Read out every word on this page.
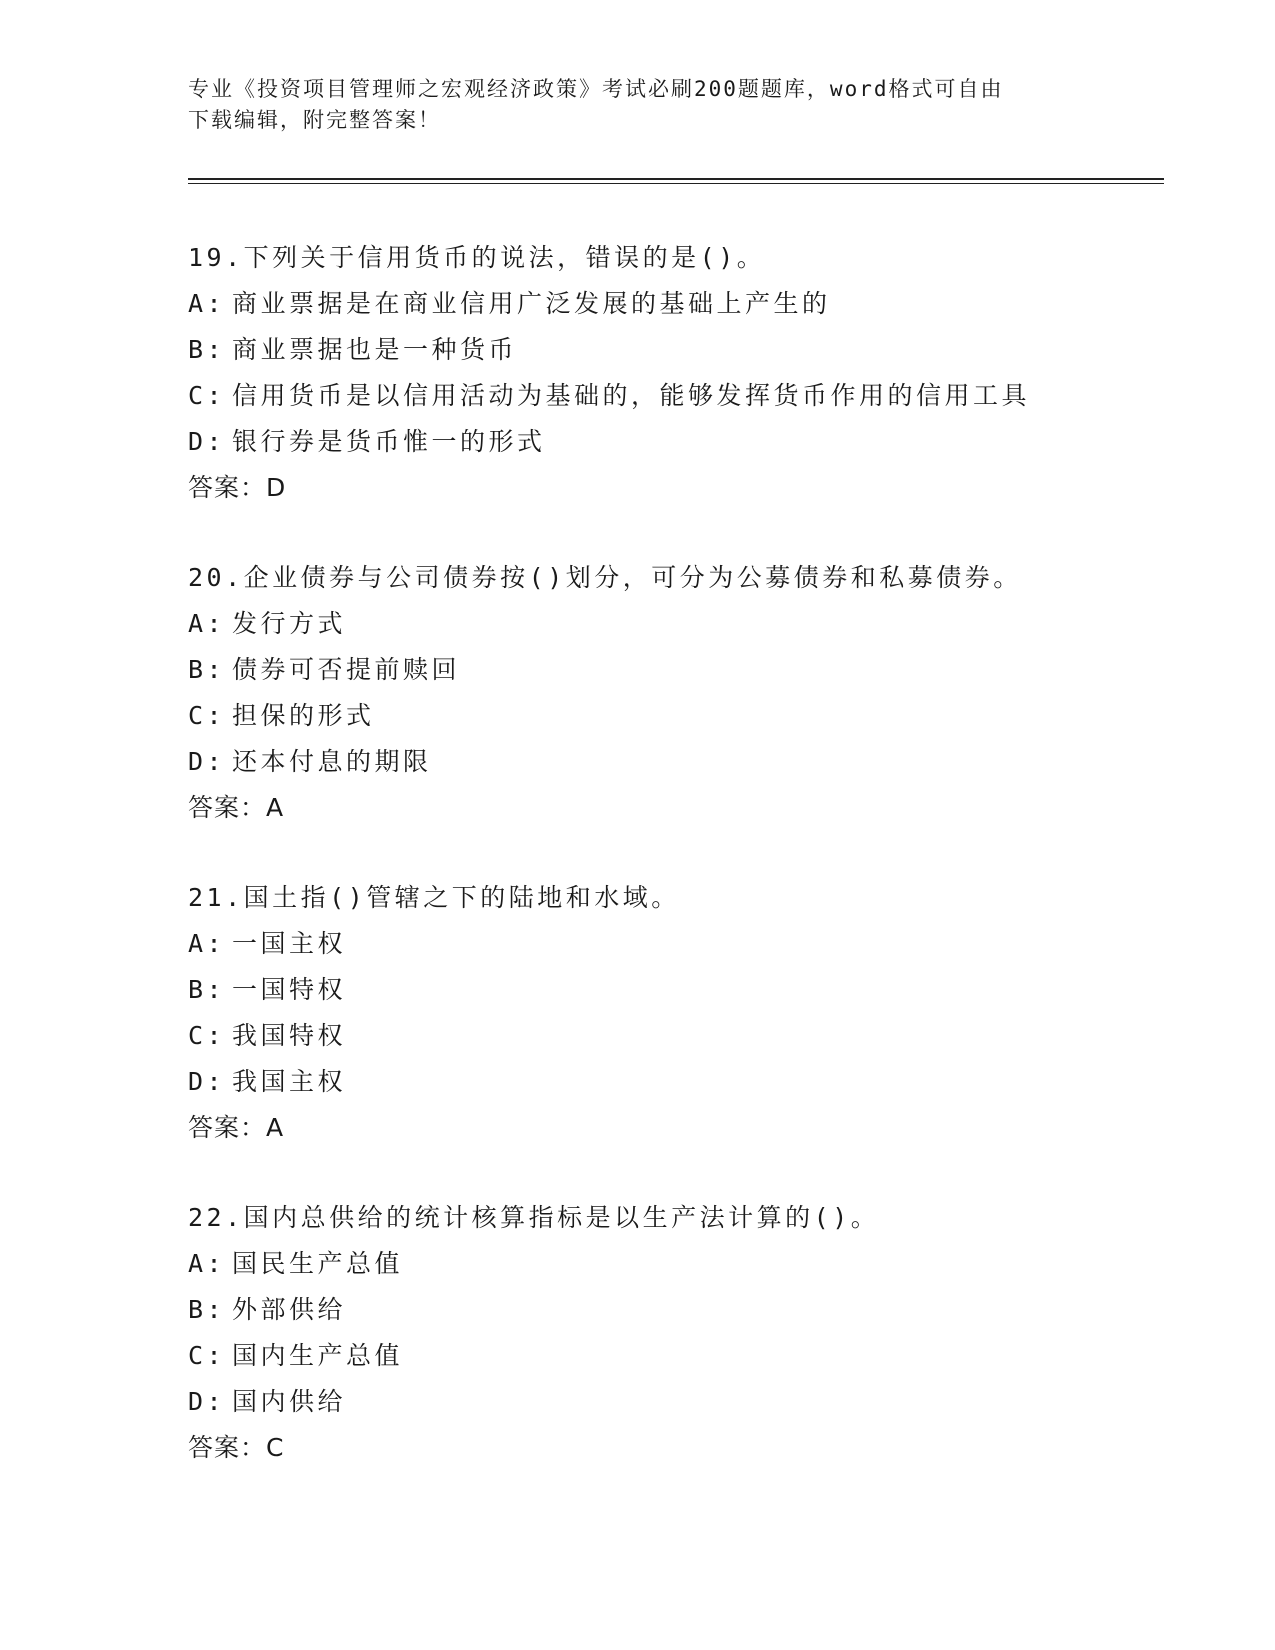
专业《投资项目管理师之宏观经济政策》考试必刷200题题库，word格式可自由
下载编辑，附完整答案！
19.下列关于信用货币的说法，错误的是()。
A: 商业票据是在商业信用广泛发展的基础上产生的
B: 商业票据也是一种货币
C: 信用货币是以信用活动为基础的，能够发挥货币作用的信用工具
D: 银行券是货币惟一的形式
答案：D
20.企业债券与公司债券按()划分，可分为公募债券和私募债券。
A: 发行方式
B: 债券可否提前赎回
C: 担保的形式
D: 还本付息的期限
答案：A
21.国土指()管辖之下的陆地和水域。
A: 一国主权
B: 一国特权
C: 我国特权
D: 我国主权
答案：A
22.国内总供给的统计核算指标是以生产法计算的()。
A: 国民生产总值
B: 外部供给
C: 国内生产总值
D: 国内供给
答案：C
